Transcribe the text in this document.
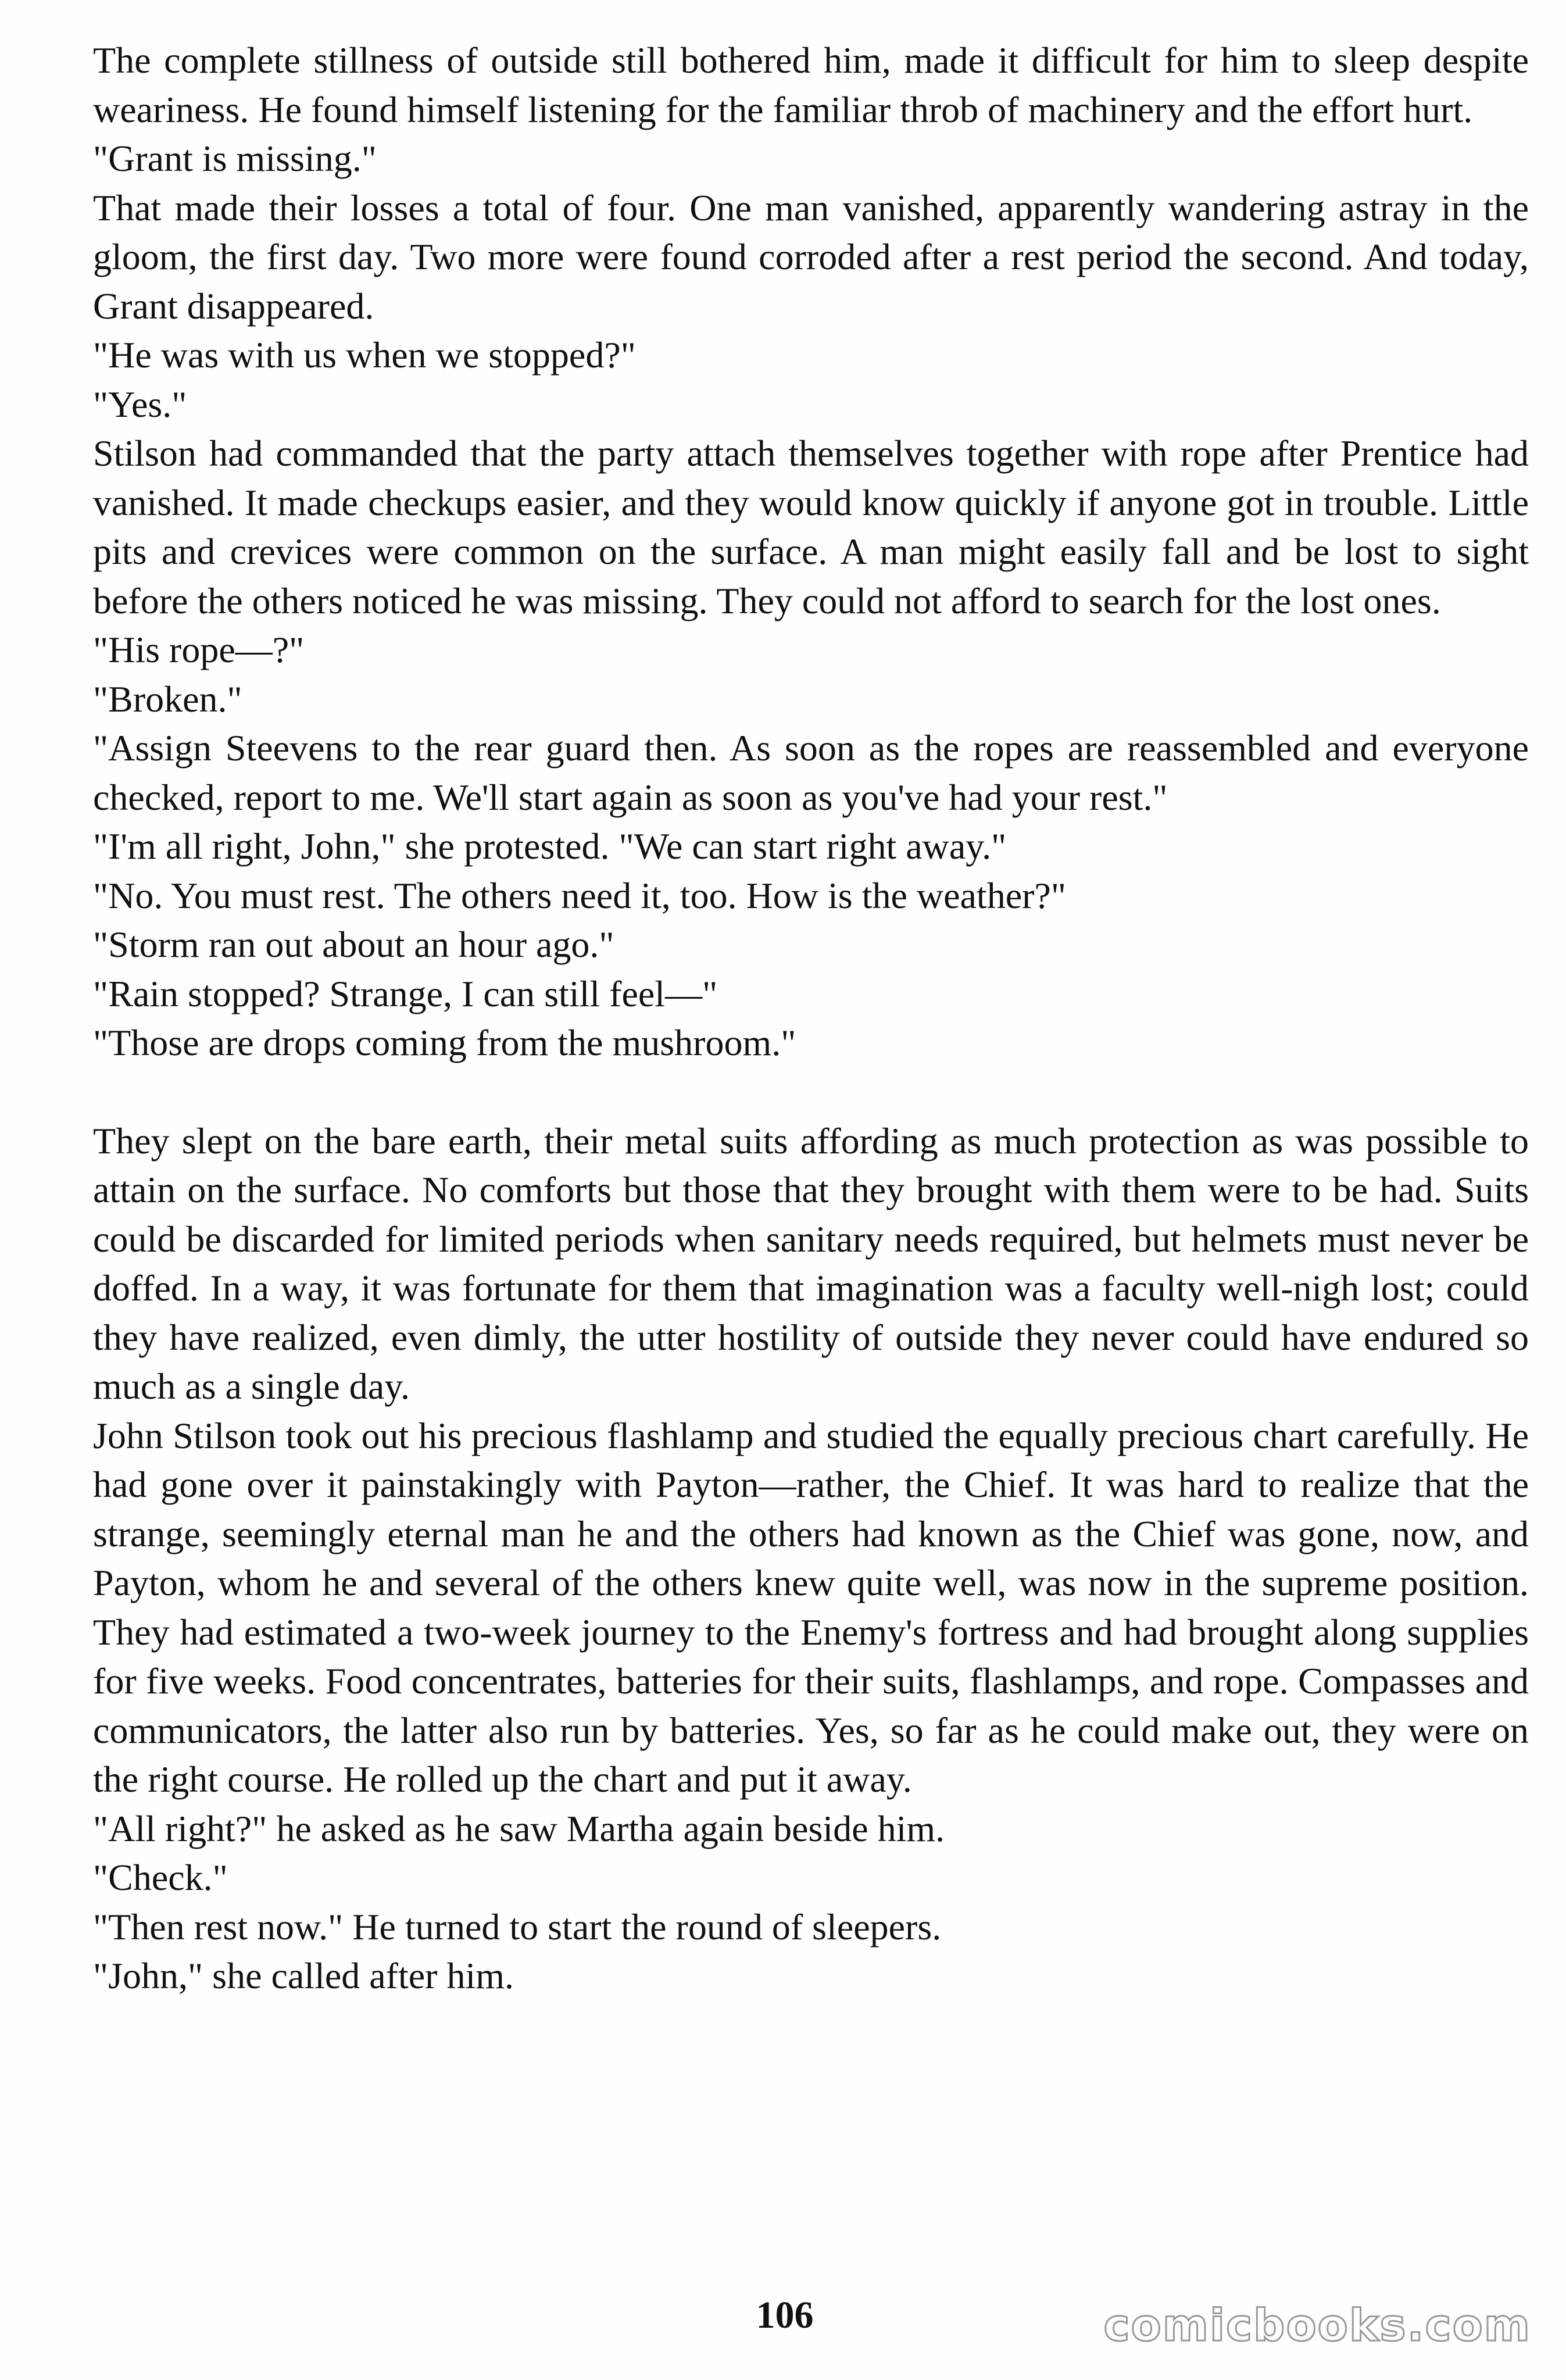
The complete stillness of outside still bothered him, made it difficult for him to sleep despite weariness. He found himself listening for the familiar throb of machinery and the effort hurt.

"Grant is missing."

That made their losses a total of four. One man vanished, apparently wandering astray in the gloom, the first day. Two more were found corroded after a rest period the second. And today, Grant disappeared.

"He was with us when we stopped?"

"Yes."

Stilson had commanded that the party attach themselves together with rope after Prentice had vanished. It made checkups easier, and they would know quickly if anyone got in trouble. Little pits and crevices were common on the surface. A man might easily fall and be lost to sight before the others noticed he was missing. They could not afford to search for the lost ones.

"His rope—?"

"Broken."

"Assign Steevens to the rear guard then. As soon as the ropes are reassembled and everyone checked, report to me. We'll start again as soon as you've had your rest."

"I'm all right, John," she protested. "We can start right away."

"No. You must rest. The others need it, too. How is the weather?"

"Storm ran out about an hour ago."

"Rain stopped? Strange, I can still feel—"

"Those are drops coming from the mushroom."

They slept on the bare earth, their metal suits affording as much protection as was possible to attain on the surface. No comforts but those that they brought with them were to be had. Suits could be discarded for limited periods when sanitary needs required, but helmets must never be doffed. In a way, it was fortunate for them that imagination was a faculty well-nigh lost; could they have realized, even dimly, the utter hostility of outside they never could have endured so much as a single day.

John Stilson took out his precious flashlamp and studied the equally precious chart carefully. He had gone over it painstakingly with Payton—rather, the Chief. It was hard to realize that the strange, seemingly eternal man he and the others had known as the Chief was gone, now, and Payton, whom he and several of the others knew quite well, was now in the supreme position. They had estimated a two-week journey to the Enemy's fortress and had brought along supplies for five weeks. Food concentrates, batteries for their suits, flashlamps, and rope. Compasses and communicators, the latter also run by batteries. Yes, so far as he could make out, they were on the right course. He rolled up the chart and put it away.

"All right?" he asked as he saw Martha again beside him.

"Check."

"Then rest now." He turned to start the round of sleepers.

"John," she called after him.

106	comicbooks.com
